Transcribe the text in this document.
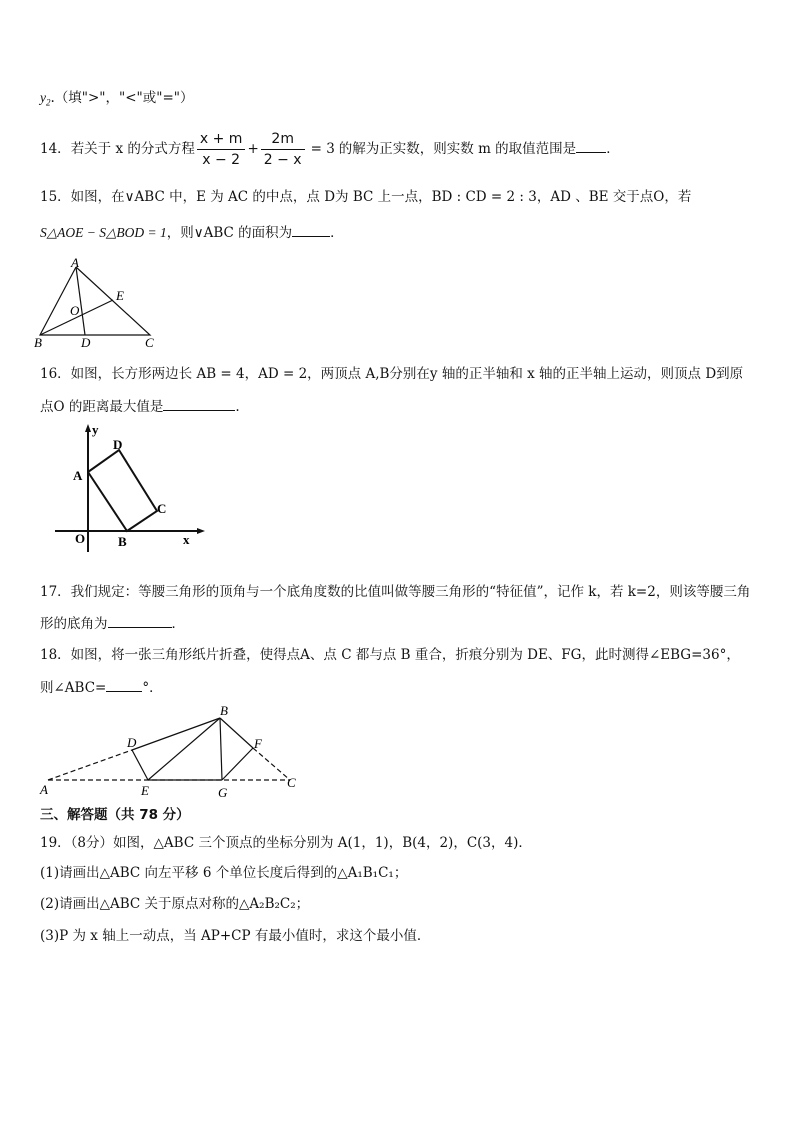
$y_2$.（填">"，"<"或"="）
14．若关于 x 的分式方程 $\frac{x + m}{x - 2} + \frac{2m}{2 - x} = 3$ 的解为正实数，则实数 m 的取值范围是 ．
15．如图，在∨ABC 中，E 为 AC 的中点，点 D为 BC 上一点，BD : CD = 2 : 3，AD 、BE 交于点O，若
S△AOE − S△BOD = 1，则∨ABC 的面积为	．
A
B	C
D
E
O
16．如图，长方形两边长 AB = 4，AD = 2，两顶点 A,B分别在y 轴的正半轴和 x 轴的正半轴上运动，则顶点 D到原
点O 的距离最大值是	.
y
x
O
A
B
C
D
17．我们规定：等腰三角形的顶角与一个底角度数的比值叫做等腰三角形的“特征值”，记作 k，若 k=2，则该等腰三角
形的底角为	．
18．如图，将一张三角形纸片折叠，使得点A、点 C 都与点 B 重合，折痕分别为 DE、FG，此时测得∠EBG=36°，
则∠ABC=	°．
A
B
C
D
E
F
G
三、解答题（共 78 分）
19．（8分）如图，△ABC 三个顶点的坐标分别为 A(1，1)，B(4，2)，C(3，4)．
(1)请画出△ABC 向左平移 6 个单位长度后得到的△A₁B₁C₁；
(2)请画出△ABC 关于原点对称的△A₂B₂C₂；
(3)P 为 x 轴上一动点，当 AP+CP 有最小值时，求这个最小值．
